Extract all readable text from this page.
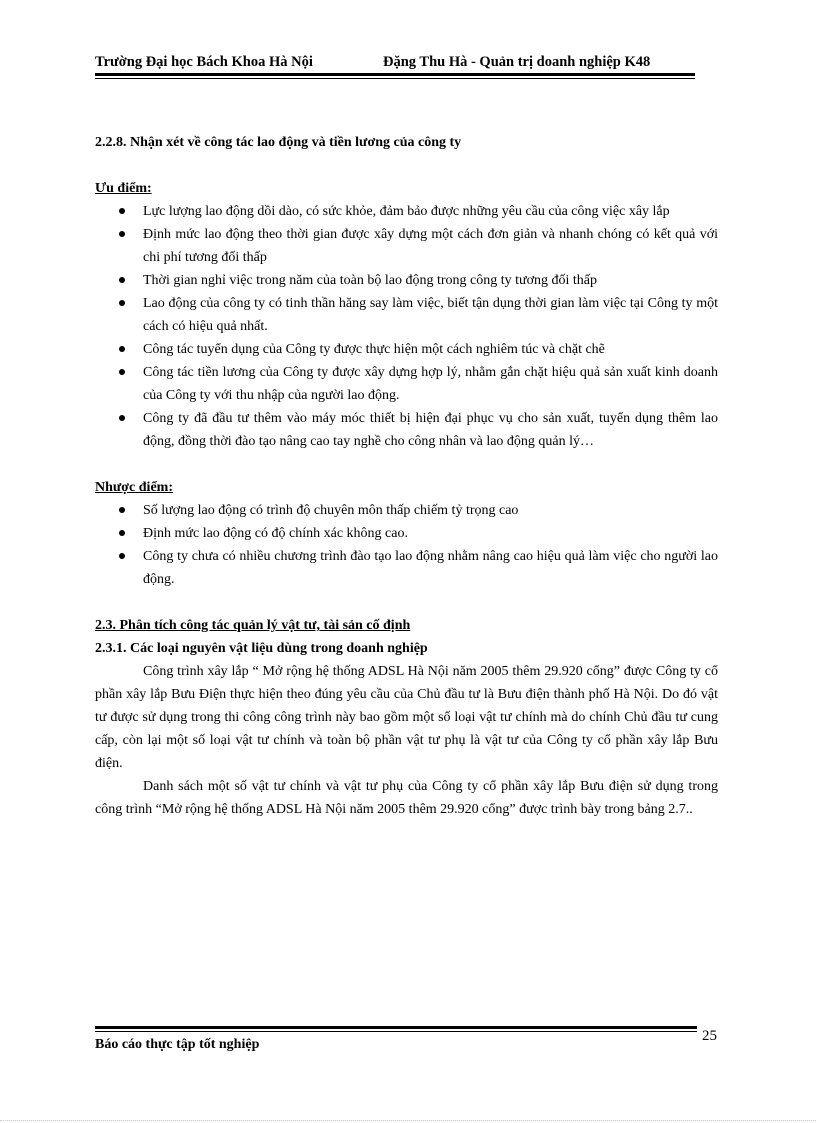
Trường Đại học Bách Khoa Hà Nội	Đặng Thu Hà - Quản trị doanh nghiệp K48

2.2.8. Nhận xét về công tác lao động và tiền lương của công ty

Ưu điểm:

Lực lượng lao động dồi dào, có sức khỏe, đảm bảo được những yêu cầu của công việc xây lắp
Định mức lao động theo thời gian được xây dựng một cách đơn giản và nhanh chóng có kết quả với chi phí tương đối thấp
Thời gian nghỉ việc trong năm của toàn bộ lao động trong công ty tương đối thấp
Lao động của công ty có tinh thần hăng say làm việc, biết tận dụng thời gian làm việc tại Công ty một cách có hiệu quả nhất.
Công tác tuyển dụng của Công ty được thực hiện một cách nghiêm túc và chặt chẽ
Công tác tiền lương của Công ty được xây dựng hợp lý, nhằm gắn chặt hiệu quả sản xuất kinh doanh của Công ty với thu nhập của người lao động.
Công ty đã đầu tư thêm vào máy móc thiết bị hiện đại phục vụ cho sản xuất, tuyển dụng thêm lao động, đồng thời đào tạo nâng cao tay nghề cho công nhân và lao động quản lý…

Nhược điểm:

Số lượng lao động có trình độ chuyên môn thấp chiếm tỷ trọng cao
Định mức lao động có độ chính xác không cao.
Công ty chưa có nhiều chương trình đào tạo lao động nhằm nâng cao hiệu quả làm việc cho người lao động.

2.3. Phân tích công tác quản lý vật tư, tài sản cố định

2.3.1. Các loại nguyên vật liệu dùng trong doanh nghiệp

Công trình xây lắp “ Mở rộng hệ thống ADSL Hà Nội năm 2005 thêm 29.920 cổng” được Công ty cổ phần xây lắp Bưu Điện thực hiện theo đúng yêu cầu của Chủ đầu tư là Bưu điện thành phố Hà Nội. Do đó vật tư được sử dụng trong thi công công trình này bao gồm một số loại vật tư chính mà do chính Chủ đầu tư cung cấp, còn lại một số loại vật tư chính và toàn bộ phần vật tư phụ là vật tư của Công ty cổ phần xây lắp Bưu điện.

Danh sách một số vật tư chính và vật tư phụ của Công ty cổ phần xây lắp Bưu điện sử dụng trong công trình “Mở rộng hệ thống ADSL Hà Nội năm 2005 thêm 29.920 cổng” được trình bày trong bảng 2.7..

Báo cáo thực tập tốt nghiệp
25
